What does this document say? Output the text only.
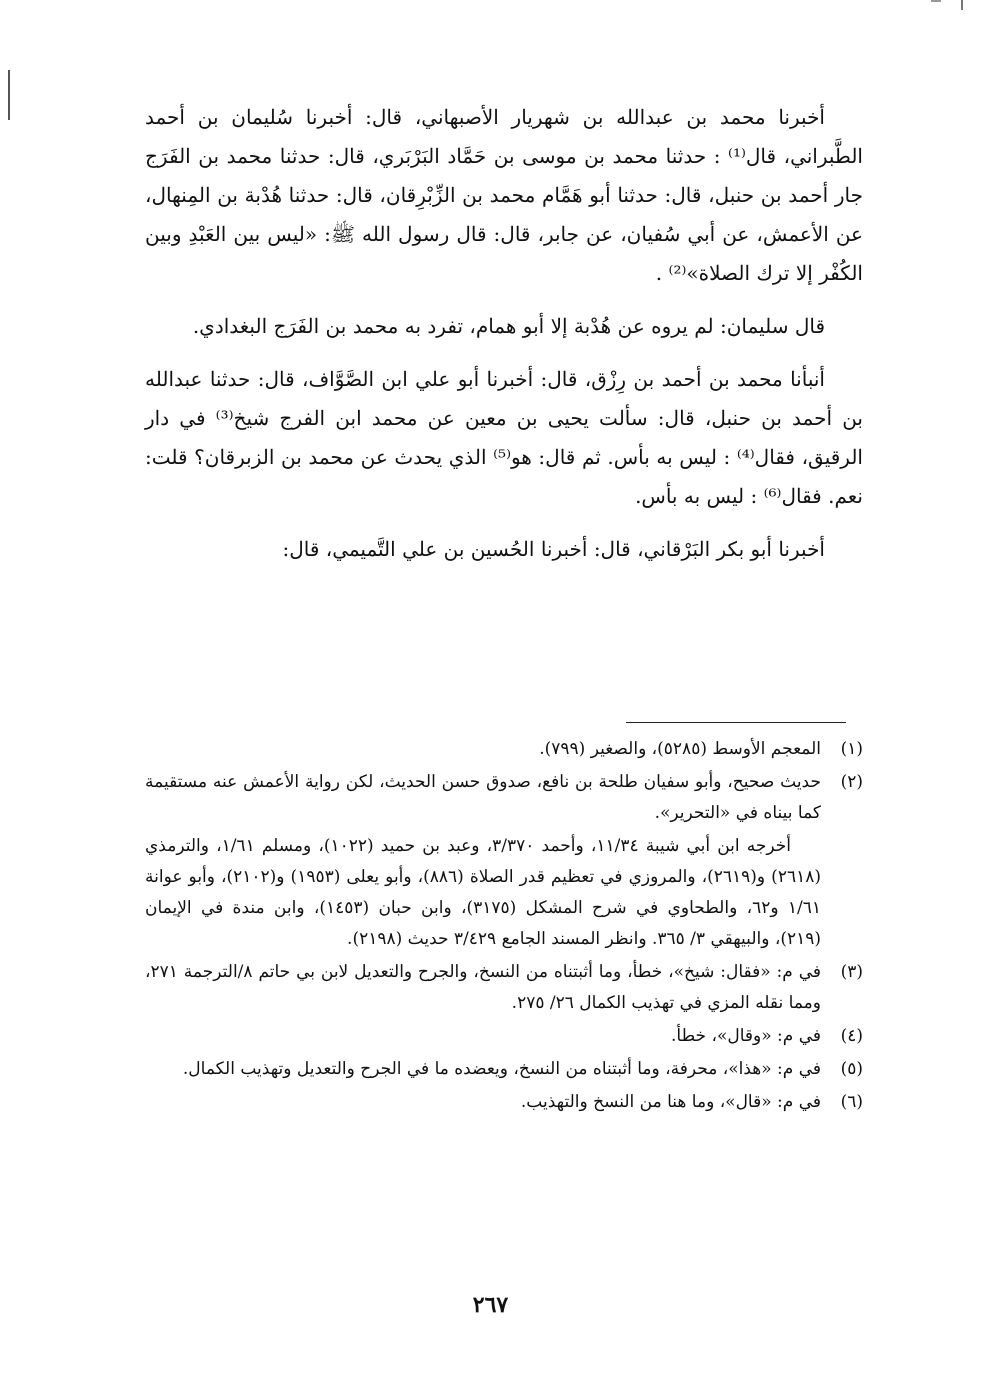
أخبرنا محمد بن عبدالله بن شهريار الأصبهاني، قال: أخبرنا سُليمان بن أحمد الطَّبراني، قال⁽¹⁾ : حدثنا محمد بن موسى بن حَمَّاد البَرْبَري، قال: حدثنا محمد بن الفَرَج جار أحمد بن حنبل، قال: حدثنا أبو هَمَّام محمد بن الزِّبْرِقان، قال: حدثنا هُدْبة بن المِنهال، عن الأعمش، عن أبي سُفيان، عن جابر، قال: قال رسول الله ﷺ: «ليس بين العَبْدِ وبين الكُفْر إلا ترك الصلاة»⁽²⁾ .

قال سليمان: لم يروه عن هُدْبة إلا أبو همام، تفرد به محمد بن الفَرَج البغدادي.

أنبأنا محمد بن أحمد بن رِزْق، قال: أخبرنا أبو علي ابن الصَّوَّاف، قال: حدثنا عبدالله بن أحمد بن حنبل، قال: سألت يحيى بن معين عن محمد ابن الفرج شيخ⁽³⁾ في دار الرقيق، فقال⁽⁴⁾ : ليس به بأس. ثم قال: هو⁽⁵⁾ الذي يحدث عن محمد بن الزبرقان؟ قلت: نعم. فقال⁽⁶⁾ : ليس به بأس.

أخبرنا أبو بكر البَرْقاني، قال: أخبرنا الحُسين بن علي التَّميمي، قال:

(١)
المعجم الأوسط (٥٢٨٥)، والصغير (٧٩٩).
(٢)
حديث صحيح، وأبو سفيان طلحة بن نافع، صدوق حسن الحديث، لكن رواية الأعمش عنه مستقيمة كما بيناه في «التحرير».
أخرجه ابن أبي شيبة ١١/٣٤، وأحمد ٣/٣٧٠، وعبد بن حميد (١٠٢٢)، ومسلم ١/٦١، والترمذي (٢٦١٨) و(٢٦١٩)، والمروزي في تعظيم قدر الصلاة (٨٨٦)، وأبو يعلى (١٩٥٣) و(٢١٠٢)، وأبو عوانة ١/٦١ و٦٢، والطحاوي في شرح المشكل (٣١٧٥)، وابن حبان (١٤٥٣)، وابن مندة في الإيمان (٢١٩)، والبيهقي ٣/ ٣٦٥. وانظر المسند الجامع ٣/٤٢٩ حديث (٢١٩٨).
(٣)
في م: «فقال: شيخ»، خطأ، وما أثبتناه من النسخ، والجرح والتعديل لابن بي حاتم ٨/الترجمة ٢٧١، ومما نقله المزي في تهذيب الكمال ٢٦/ ٢٧٥.
(٤)
في م: «وقال»، خطأ.
(٥)
في م: «هذا»، محرفة، وما أثبتناه من النسخ، ويعضده ما في الجرح والتعديل وتهذيب الكمال.
(٦)
في م: «قال»، وما هنا من النسخ والتهذيب.
٢٦٧
